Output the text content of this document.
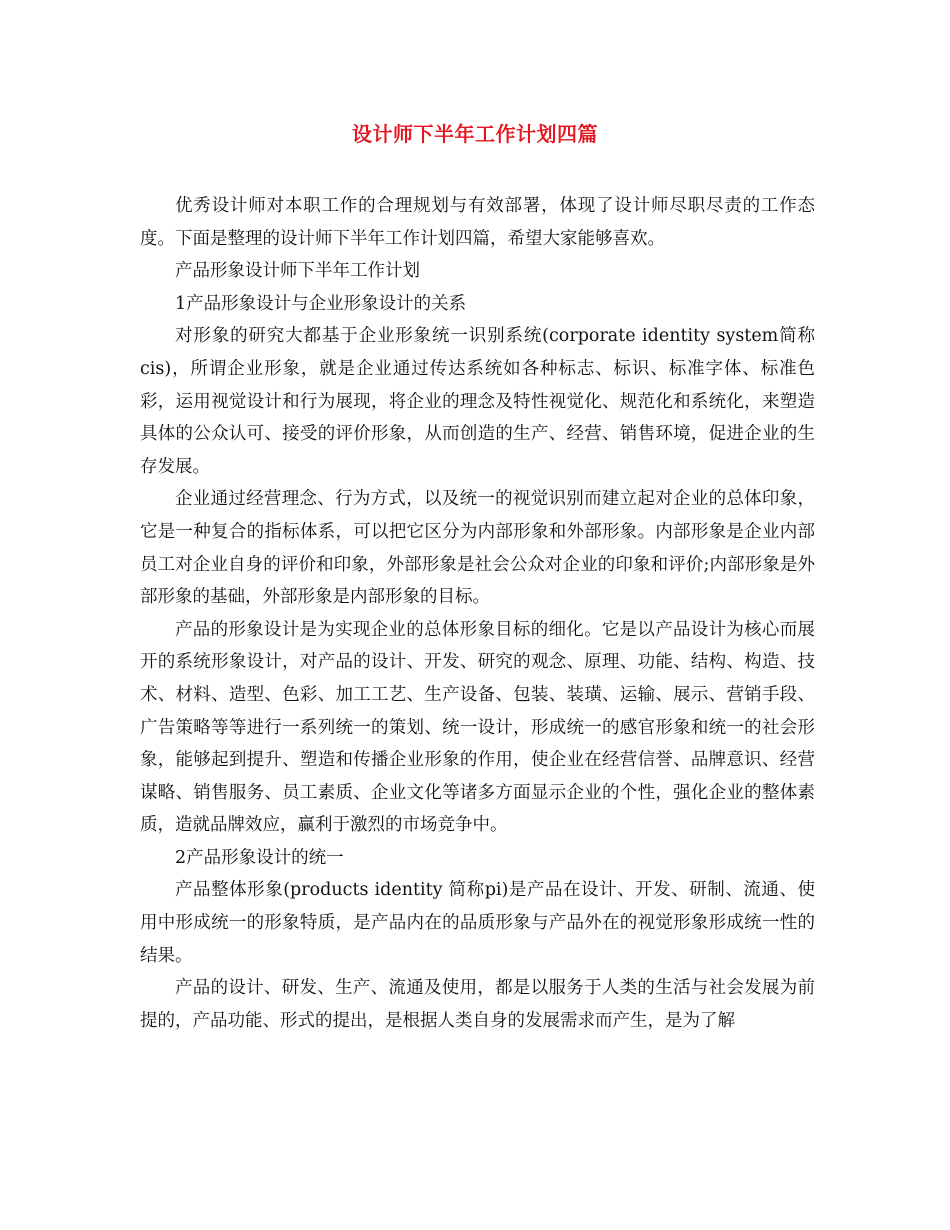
设计师下半年工作计划四篇

优秀设计师对本职工作的合理规划与有效部署，体现了设计师尽职尽责的工作态度。下面是整理的设计师下半年工作计划四篇，希望大家能够喜欢。

产品形象设计师下半年工作计划

1产品形象设计与企业形象设计的关系

对形象的研究大都基于企业形象统一识别系统(corporate identity system简称cis)，所谓企业形象，就是企业通过传达系统如各种标志、标识、标准字体、标准色彩，运用视觉设计和行为展现，将企业的理念及特性视觉化、规范化和系统化，来塑造具体的公众认可、接受的评价形象，从而创造的生产、经营、销售环境，促进企业的生存发展。

企业通过经营理念、行为方式，以及统一的视觉识别而建立起对企业的总体印象，它是一种复合的指标体系，可以把它区分为内部形象和外部形象。内部形象是企业内部员工对企业自身的评价和印象，外部形象是社会公众对企业的印象和评价;内部形象是外部形象的基础，外部形象是内部形象的目标。

产品的形象设计是为实现企业的总体形象目标的细化。它是以产品设计为核心而展开的系统形象设计，对产品的设计、开发、研究的观念、原理、功能、结构、构造、技术、材料、造型、色彩、加工工艺、生产设备、包装、装璜、运输、展示、营销手段、广告策略等等进行一系列统一的策划、统一设计，形成统一的感官形象和统一的社会形象，能够起到提升、塑造和传播企业形象的作用，使企业在经营信誉、品牌意识、经营谋略、销售服务、员工素质、企业文化等诸多方面显示企业的个性，强化企业的整体素质，造就品牌效应，赢利于激烈的市场竞争中。

2产品形象设计的统一

产品整体形象(products identity 简称pi)是产品在设计、开发、研制、流通、使用中形成统一的形象特质，是产品内在的品质形象与产品外在的视觉形象形成统一性的结果。

产品的设计、研发、生产、流通及使用，都是以服务于人类的生活与社会发展为前提的，产品功能、形式的提出，是根据人类自身的发展需求而产生，是为了解
